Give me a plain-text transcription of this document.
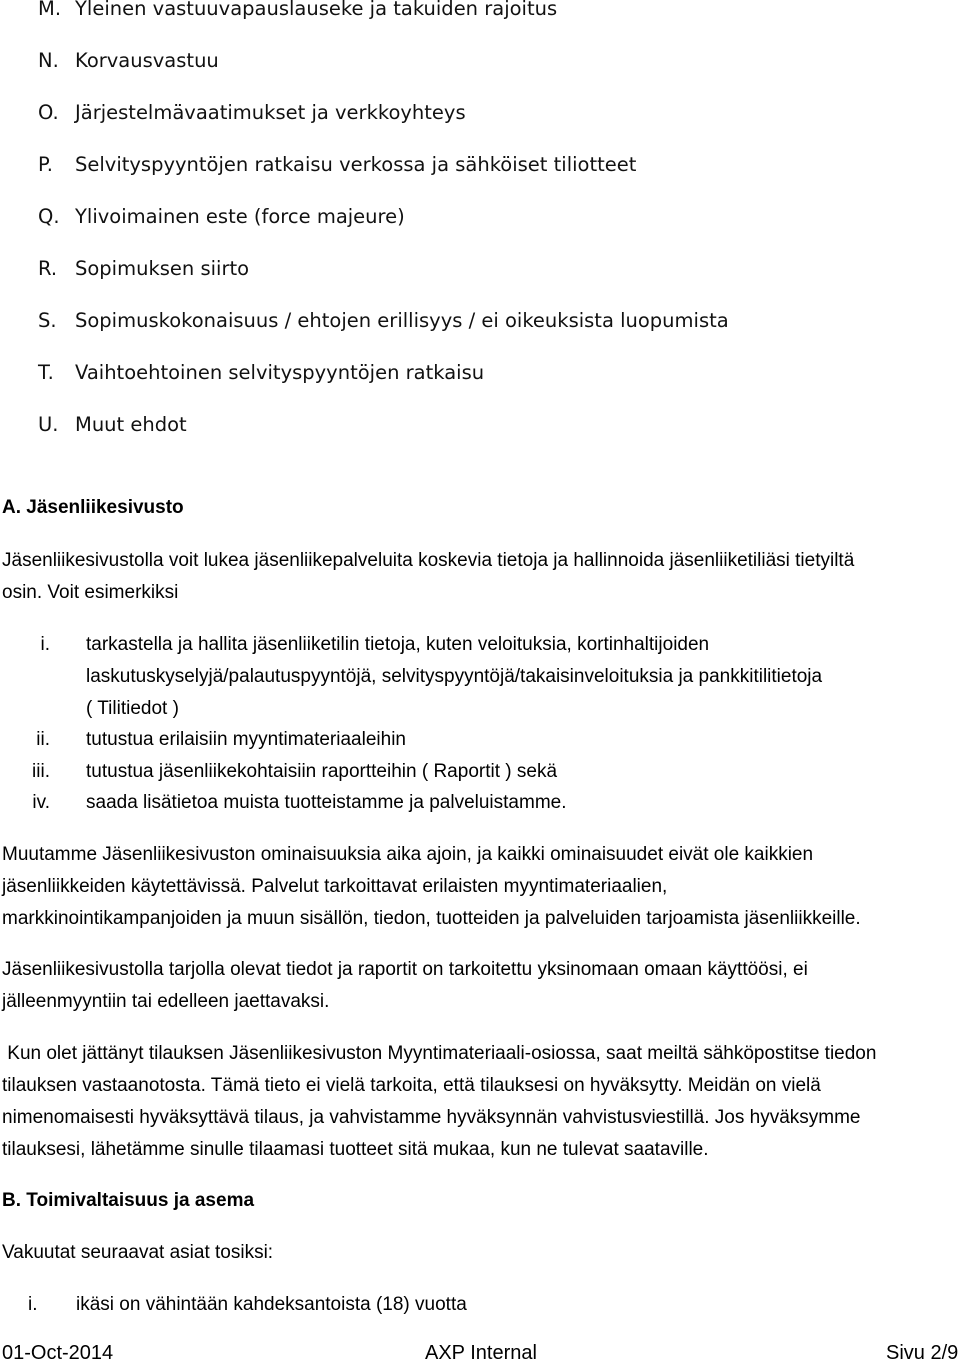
M. Yleinen vastuuvapauslauseke ja takuiden rajoitus
N. Korvausvastuu
O. Järjestelmävaatimukset ja verkkoyhteys
P. Selvityspyyntöjen ratkaisu verkossa ja sähköiset tiliotteet
Q. Ylivoimainen este (force majeure)
R. Sopimuksen siirto
S. Sopimuskokonaisuus / ehtojen erillisyys / ei oikeuksista luopumista
T. Vaihtoehtoinen selvityspyyntöjen ratkaisu
U. Muut ehdot
A. Jäsenliikesivusto
Jäsenliikesivustolla voit lukea jäsenliikepalveluita koskevia tietoja ja hallinnoida jäsenliiketiliäsi tietyiltä
osin. Voit esimerkiksi
i. tarkastella ja hallita jäsenliiketilin tietoja, kuten veloituksia, kortinhaltijoiden
laskutuskyselyjä/palautuspyyntöjä, selvityspyyntöjä/takaisinveloituksia ja pankkitilitietoja
( Tilitiedot )
ii. tutustua erilaisiin myyntimateriaaleihin
iii. tutustua jäsenliikekohtaisiin raportteihin ( Raportit ) sekä
iv. saada lisätietoa muista tuotteistamme ja palveluistamme.
Muutamme Jäsenliikesivuston ominaisuuksia aika ajoin, ja kaikki ominaisuudet eivät ole kaikkien
jäsenliikkeiden käytettävissä. Palvelut tarkoittavat erilaisten myyntimateriaalien,
markkinointikampanjoiden ja muun sisällön, tiedon, tuotteiden ja palveluiden tarjoamista jäsenliikkeille.
Jäsenliikesivustolla tarjolla olevat tiedot ja raportit on tarkoitettu yksinomaan omaan käyttöösi, ei
jälleenmyyntiin tai edelleen jaettavaksi.
Kun olet jättänyt tilauksen Jäsenliikesivuston Myyntimateriaali-osiossa, saat meiltä sähköpostitse tiedon
tilauksen vastaanotosta. Tämä tieto ei vielä tarkoita, että tilauksesi on hyväksytty. Meidän on vielä
nimenomaisesti hyväksyttävä tilaus, ja vahvistamme hyväksynnän vahvistusviestillä. Jos hyväksymme
tilauksesi, lähetämme sinulle tilaamasi tuotteet sitä mukaa, kun ne tulevat saataville.
B. Toimivaltaisuus ja asema
Vakuutat seuraavat asiat tosiksi:
i. ikäsi on vähintään kahdeksantoista (18) vuotta
01-Oct-2014	AXP Internal	Sivu 2/9
